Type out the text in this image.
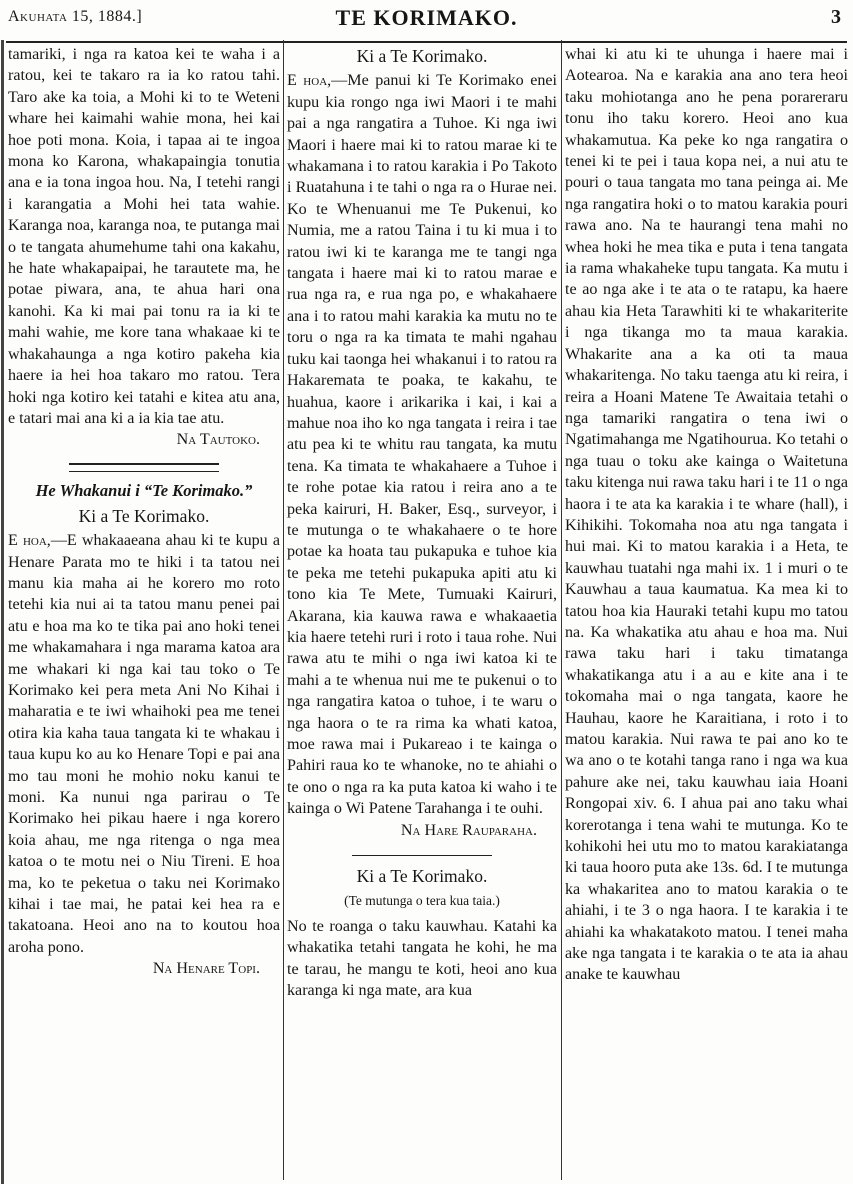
Akuhata 15, 1884.]	TE KORIMAKO.	3

tamariki, i nga ra katoa kei te waha i a ratou, kei te takaro ra ia ko ratou tahi. Taro ake ka toia, a Mohi ki to te Weteni whare hei kaimahi wahie mona, hei kai hoe poti mona. Koia, i tapaa ai te ingoa mona ko Karona, whakapaingia tonutia ana e ia tona ingoa hou. Na, I tetehi rangi i karangatia a Mohi hei tata wahie. Karanga noa, karanga noa, te putanga mai o te tangata ahumehume tahi ona kakahu, he hate whakapaipai, he tarautete ma, he potae piwara, ana, te ahua hari ona kanohi. Ka ki mai pai tonu ra ia ki te mahi wahie, me kore tana whakaae ki te whakahaunga a nga kotiro pakeha kia haere ia hei hoa takaro mo ratou. Tera hoki nga kotiro kei tatahi e kitea atu ana, e tatari mai ana ki a ia kia tae atu.

Na Tautoko.

He Whakanui i “Te Korimako.”

Ki a Te Korimako.

E hoa,—E whakaaeana ahau ki te kupu a Henare Parata mo te hiki i ta tatou nei manu kia maha ai he korero mo roto tetehi kia nui ai ta tatou manu penei pai atu e hoa ma ko te tika pai ano hoki tenei me whakamahara i nga marama katoa ara me whakari ki nga kai tau toko o Te Korimako kei pera meta Ani No Kihai i maharatia e te iwi whaihoki pea me tenei otira kia kaha taua tangata ki te whakau i taua kupu ko au ko Henare Topi e pai ana mo tau moni he mohio noku kanui te moni. Ka nunui nga parirau o Te Korimako hei pikau haere i nga korero koia ahau, me nga ritenga o nga mea katoa o te motu nei o Niu Tireni. E hoa ma, ko te peketua o taku nei Korimako kihai i tae mai, he patai kei hea ra e takatoana. Heoi ano na to koutou hoa aroha pono.

Na Henare Topi.

Ki a Te Korimako.

E hoa,—Me panui ki Te Korimako enei kupu kia rongo nga iwi Maori i te mahi pai a nga rangatira a Tuhoe. Ki nga iwi Maori i haere mai ki to ratou marae ki te whakamana i to ratou karakia i Po Takoto i Ruatahuna i te tahi o nga ra o Hurae nei. Ko te Whenuanui me Te Pukenui, ko Numia, me a ratou Taina i tu ki mua i to ratou iwi ki te karanga me te tangi nga tangata i haere mai ki to ratou marae e rua nga ra, e rua nga po, e whakahaere ana i to ratou mahi karakia ka mutu no te toru o nga ra ka timata te mahi ngahau tuku kai taonga hei whakanui i to ratou ra Hakaremata te poaka, te kakahu, te huahua, kaore i arikarika i kai, i kai a mahue noa iho ko nga tangata i reira i tae atu pea ki te whitu rau tangata, ka mutu tena. Ka timata te whakahaere a Tuhoe i te rohe potae kia ratou i reira ano a te peka kairuri, H. Baker, Esq., surveyor, i te mutunga o te whakahaere o te hore potae ka hoata tau pukapuka e tuhoe kia te peka me tetehi pukapuka apiti atu ki tono kia Te Mete, Tumuaki Kairuri, Akarana, kia kauwa rawa e whakaaetia kia haere tetehi ruri i roto i taua rohe. Nui rawa atu te mihi o nga iwi katoa ki te mahi a te whenua nui me te pukenui o to nga rangatira katoa o tuhoe, i te waru o nga haora o te ra rima ka whati katoa, moe rawa mai i Pukareao i te kainga o Pahiri raua ko te whanoke, no te ahiahi o te ono o nga ra ka puta katoa ki waho i te kainga o Wi Patene Tarahanga i te ouhi.

Na Hare Rauparaha.

Ki a Te Korimako.

(Te mutunga o tera kua taia.)

No te roanga o taku kauwhau. Katahi ka whakatika tetahi tangata he kohi, he ma te tarau, he mangu te koti, heoi ano kua karanga ki nga mate, ara kua

whai ki atu ki te uhunga i haere mai i Aotearoa. Na e karakia ana ano tera heoi taku mohiotanga ano he pena porareraru tonu iho taku korero. Heoi ano kua whakamutua. Ka peke ko nga rangatira o tenei ki te pei i taua kopa nei, a nui atu te pouri o taua tangata mo tana peinga ai. Me nga rangatira hoki o to matou karakia pouri rawa ano. Na te haurangi tena mahi no whea hoki he mea tika e puta i tena tangata ia rama whakaheke tupu tangata. Ka mutu i te ao nga ake i te ata o te ratapu, ka haere ahau kia Heta Tarawhiti ki te whakariterite i nga tikanga mo ta maua karakia. Whakarite ana a ka oti ta maua whakaritenga. No taku taenga atu ki reira, i reira a Hoani Matene Te Awaitaia tetahi o nga tamariki rangatira o tena iwi o Ngatimahanga me Ngatihourua. Ko tetahi o nga tuau o toku ake kainga o Waitetuna taku kitenga nui rawa taku hari i te 11 o nga haora i te ata ka karakia i te whare (hall), i Kihikihi. Tokomaha noa atu nga tangata i hui mai. Ki to matou karakia i a Heta, te kauwhau tuatahi nga mahi ix. 1 i muri o te Kauwhau a taua kaumatua. Ka mea ki to tatou hoa kia Hauraki tetahi kupu mo tatou na. Ka whakatika atu ahau e hoa ma. Nui rawa taku hari i taku timatanga whakatikanga atu i a au e kite ana i te tokomaha mai o nga tangata, kaore he Hauhau, kaore he Karaitiana, i roto i to matou karakia. Nui rawa te pai ano ko te wa ano o te kotahi tanga rano i nga wa kua pahure ake nei, taku kauwhau iaia Hoani Rongopai xiv. 6. I ahua pai ano taku whai korerotanga i tena wahi te mutunga. Ko te kohikohi hei utu mo to matou karakiatanga ki taua hooro puta ake 13s. 6d. I te mutunga ka whakaritea ano to matou karakia o te ahiahi, i te 3 o nga haora. I te karakia i te ahiahi ka whakatakoto matou. I tenei maha ake nga tangata i te karakia o te ata ia ahau anake te kauwhau
